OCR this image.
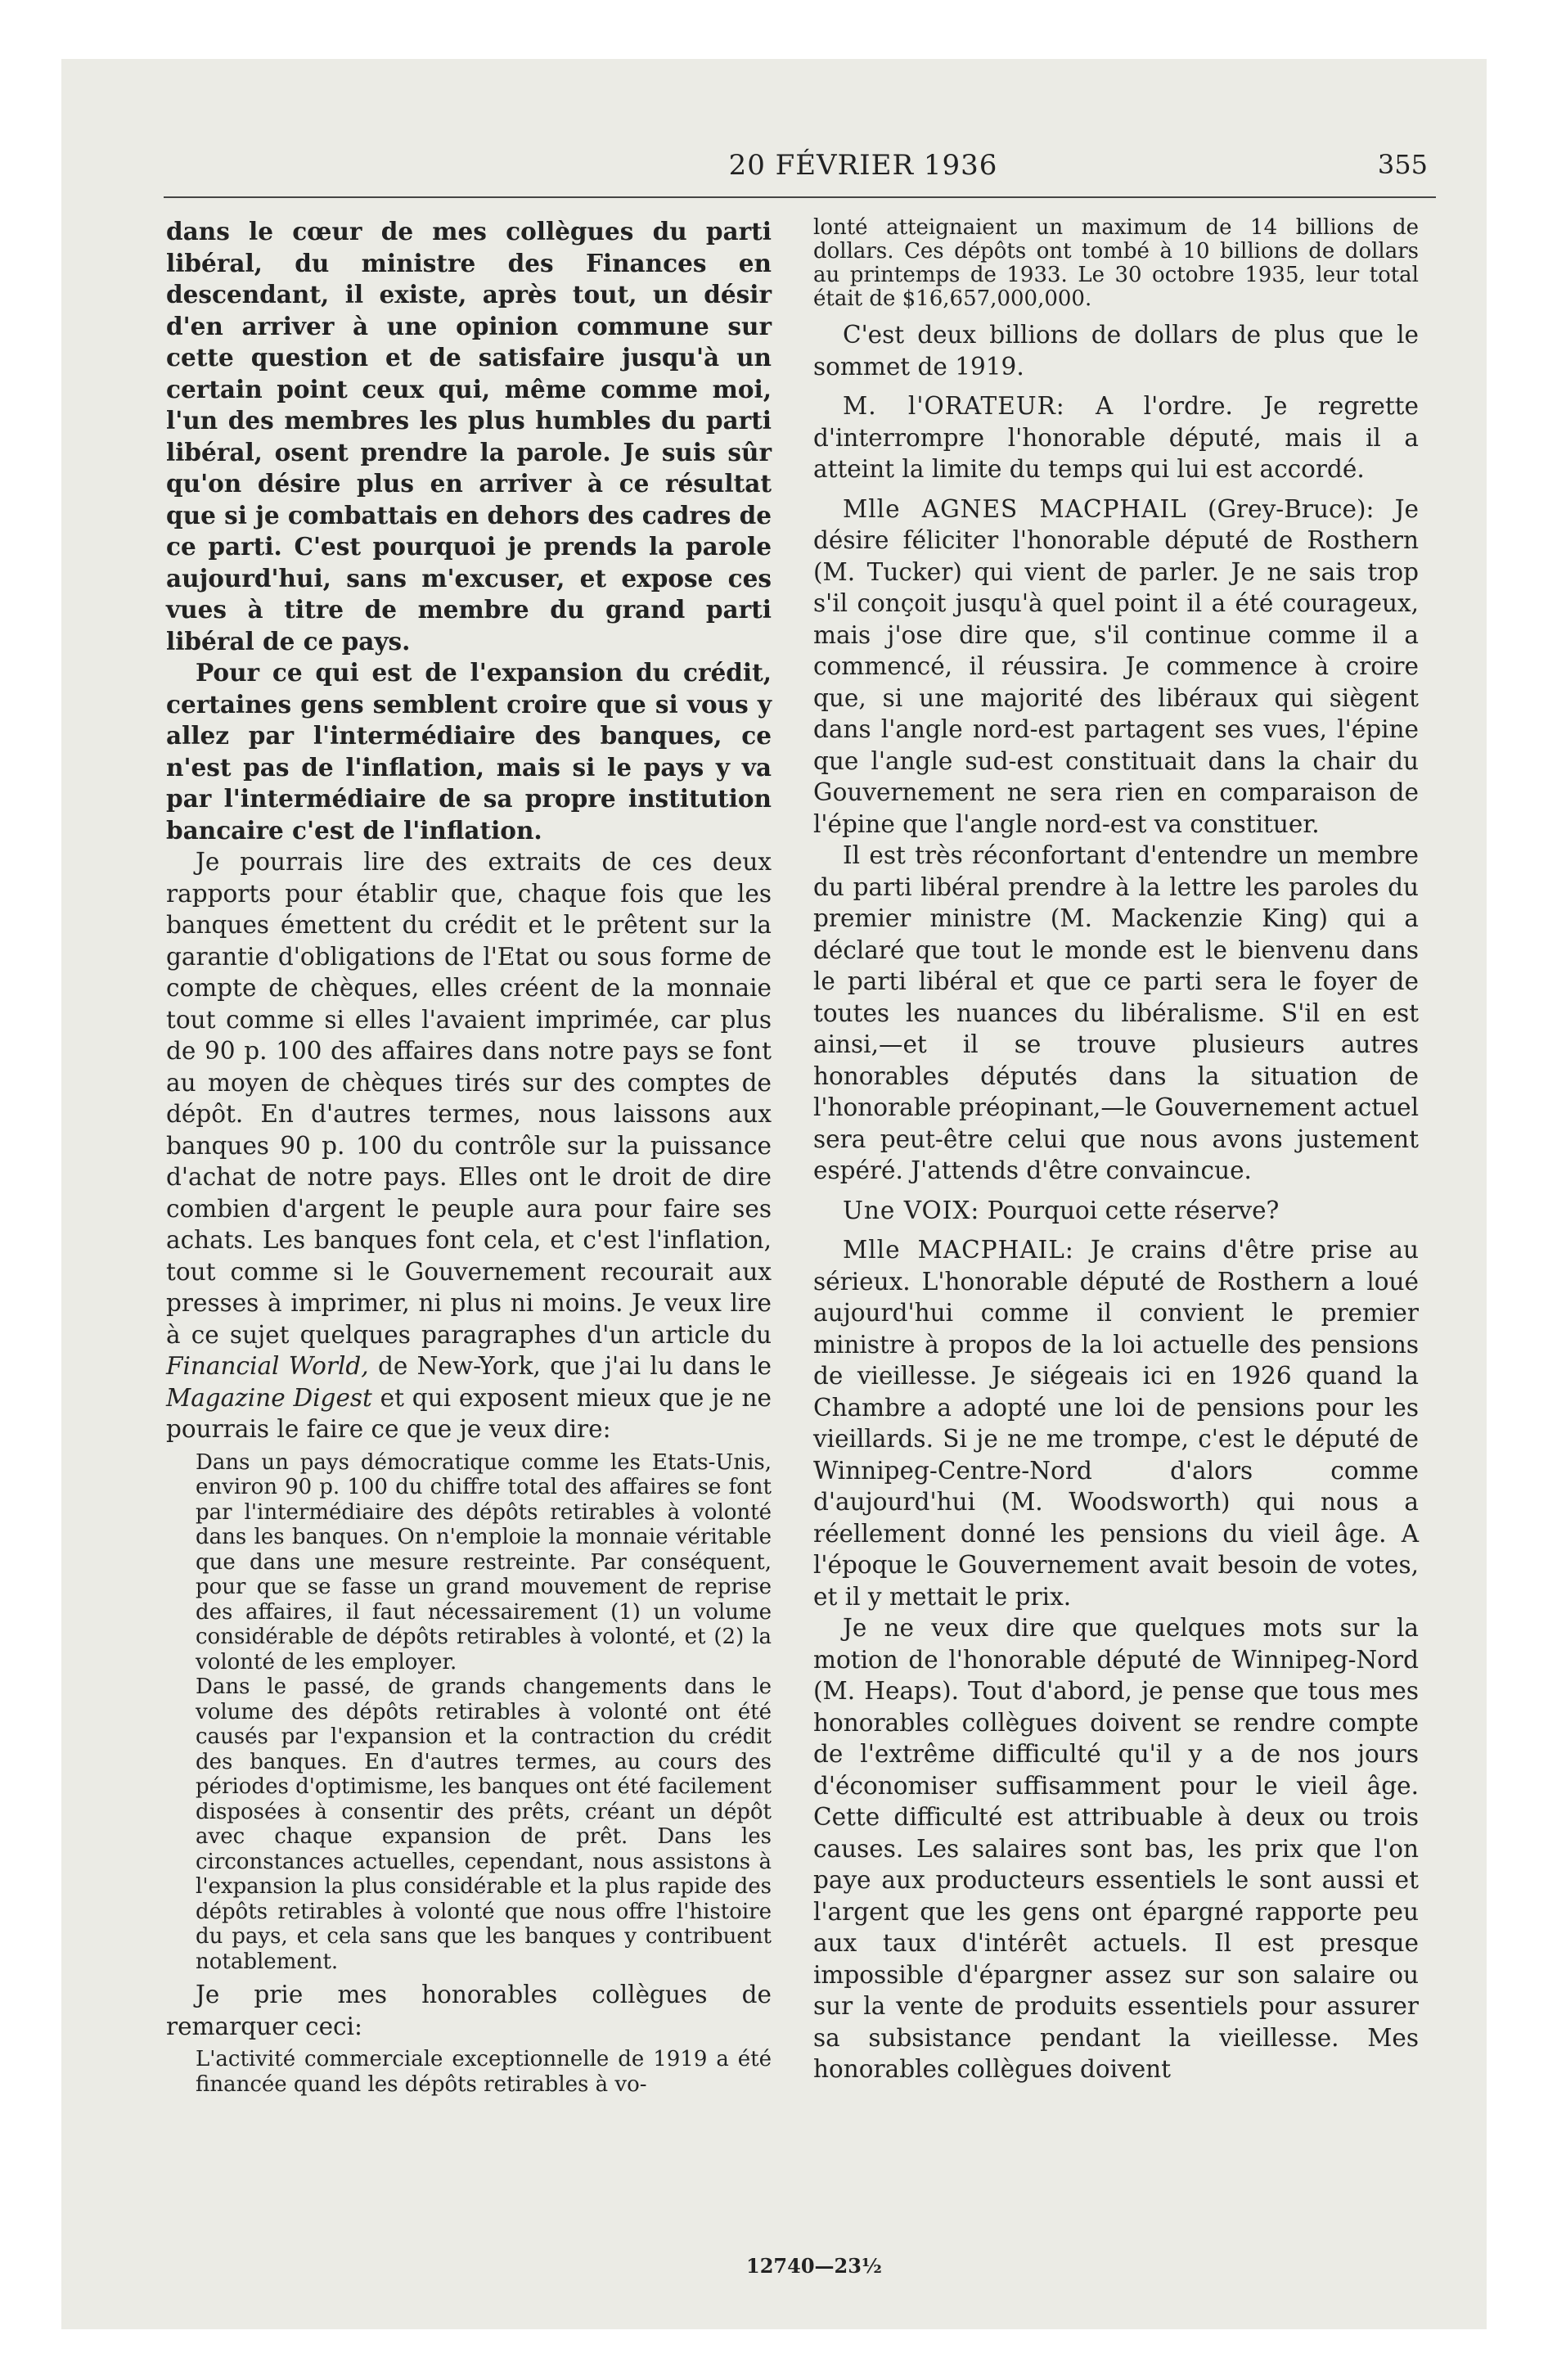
20 FÉVRIER 1936	355

dans le cœur de mes collègues du parti libéral, du ministre des Finances en descendant, il existe, après tout, un désir d'en arriver à une opinion commune sur cette question et de satisfaire jusqu'à un certain point ceux qui, même comme moi, l'un des membres les plus humbles du parti libéral, osent prendre la parole. Je suis sûr qu'on désire plus en arriver à ce résultat que si je combattais en dehors des cadres de ce parti. C'est pourquoi je prends la parole aujourd'hui, sans m'excuser, et expose ces vues à titre de membre du grand parti libéral de ce pays.

Pour ce qui est de l'expansion du crédit, certaines gens semblent croire que si vous y allez par l'intermédiaire des banques, ce n'est pas de l'inflation, mais si le pays y va par l'intermédiaire de sa propre institution bancaire c'est de l'inflation.

Je pourrais lire des extraits de ces deux rapports pour établir que, chaque fois que les banques émettent du crédit et le prêtent sur la garantie d'obligations de l'Etat ou sous forme de compte de chèques, elles créent de la monnaie tout comme si elles l'avaient imprimée, car plus de 90 p. 100 des affaires dans notre pays se font au moyen de chèques tirés sur des comptes de dépôt. En d'autres termes, nous laissons aux banques 90 p. 100 du contrôle sur la puissance d'achat de notre pays. Elles ont le droit de dire combien d'argent le peuple aura pour faire ses achats. Les banques font cela, et c'est l'inflation, tout comme si le Gouvernement recourait aux presses à imprimer, ni plus ni moins. Je veux lire à ce sujet quelques paragraphes d'un article du Financial World, de New-York, que j'ai lu dans le Magazine Digest et qui exposent mieux que je ne pourrais le faire ce que je veux dire:

Dans un pays démocratique comme les Etats-Unis, environ 90 p. 100 du chiffre total des affaires se font par l'intermédiaire des dépôts retirables à volonté dans les banques. On n'emploie la monnaie véritable que dans une mesure restreinte. Par conséquent, pour que se fasse un grand mouvement de reprise des affaires, il faut nécessairement (1) un volume considérable de dépôts retirables à volonté, et (2) la volonté de les employer.

Dans le passé, de grands changements dans le volume des dépôts retirables à volonté ont été causés par l'expansion et la contraction du crédit des banques. En d'autres termes, au cours des périodes d'optimisme, les banques ont été facilement disposées à consentir des prêts, créant un dépôt avec chaque expansion de prêt. Dans les circonstances actuelles, cependant, nous assistons à l'expansion la plus considérable et la plus rapide des dépôts retirables à volonté que nous offre l'histoire du pays, et cela sans que les banques y contribuent notablement.

Je prie mes honorables collègues de remarquer ceci:

L'activité commerciale exceptionnelle de 1919 a été financée quand les dépôts retirables à vo-

lonté atteignaient un maximum de 14 billions de dollars. Ces dépôts ont tombé à 10 billions de dollars au printemps de 1933. Le 30 octobre 1935, leur total était de $16,657,000,000.

C'est deux billions de dollars de plus que le sommet de 1919.

M. l'ORATEUR: A l'ordre. Je regrette d'interrompre l'honorable député, mais il a atteint la limite du temps qui lui est accordé.

Mlle AGNES MACPHAIL (Grey-Bruce): Je désire féliciter l'honorable député de Rosthern (M. Tucker) qui vient de parler. Je ne sais trop s'il conçoit jusqu'à quel point il a été courageux, mais j'ose dire que, s'il continue comme il a commencé, il réussira. Je commence à croire que, si une majorité des libéraux qui siègent dans l'angle nord-est partagent ses vues, l'épine que l'angle sud-est constituait dans la chair du Gouvernement ne sera rien en comparaison de l'épine que l'angle nord-est va constituer.

Il est très réconfortant d'entendre un membre du parti libéral prendre à la lettre les paroles du premier ministre (M. Mackenzie King) qui a déclaré que tout le monde est le bienvenu dans le parti libéral et que ce parti sera le foyer de toutes les nuances du libéralisme. S'il en est ainsi,—et il se trouve plusieurs autres honorables députés dans la situation de l'honorable préopinant,—le Gouvernement actuel sera peut-être celui que nous avons justement espéré. J'attends d'être convaincue.

Une VOIX: Pourquoi cette réserve?

Mlle MACPHAIL: Je crains d'être prise au sérieux. L'honorable député de Rosthern a loué aujourd'hui comme il convient le premier ministre à propos de la loi actuelle des pensions de vieillesse. Je siégeais ici en 1926 quand la Chambre a adopté une loi de pensions pour les vieillards. Si je ne me trompe, c'est le député de Winnipeg-Centre-Nord d'alors comme d'aujourd'hui (M. Woodsworth) qui nous a réellement donné les pensions du vieil âge. A l'époque le Gouvernement avait besoin de votes, et il y mettait le prix.

Je ne veux dire que quelques mots sur la motion de l'honorable député de Winnipeg-Nord (M. Heaps). Tout d'abord, je pense que tous mes honorables collègues doivent se rendre compte de l'extrême difficulté qu'il y a de nos jours d'économiser suffisamment pour le vieil âge. Cette difficulté est attribuable à deux ou trois causes. Les salaires sont bas, les prix que l'on paye aux producteurs essentiels le sont aussi et l'argent que les gens ont épargné rapporte peu aux taux d'intérêt actuels. Il est presque impossible d'épargner assez sur son salaire ou sur la vente de produits essentiels pour assurer sa subsistance pendant la vieillesse. Mes honorables collègues doivent

12740—23½
